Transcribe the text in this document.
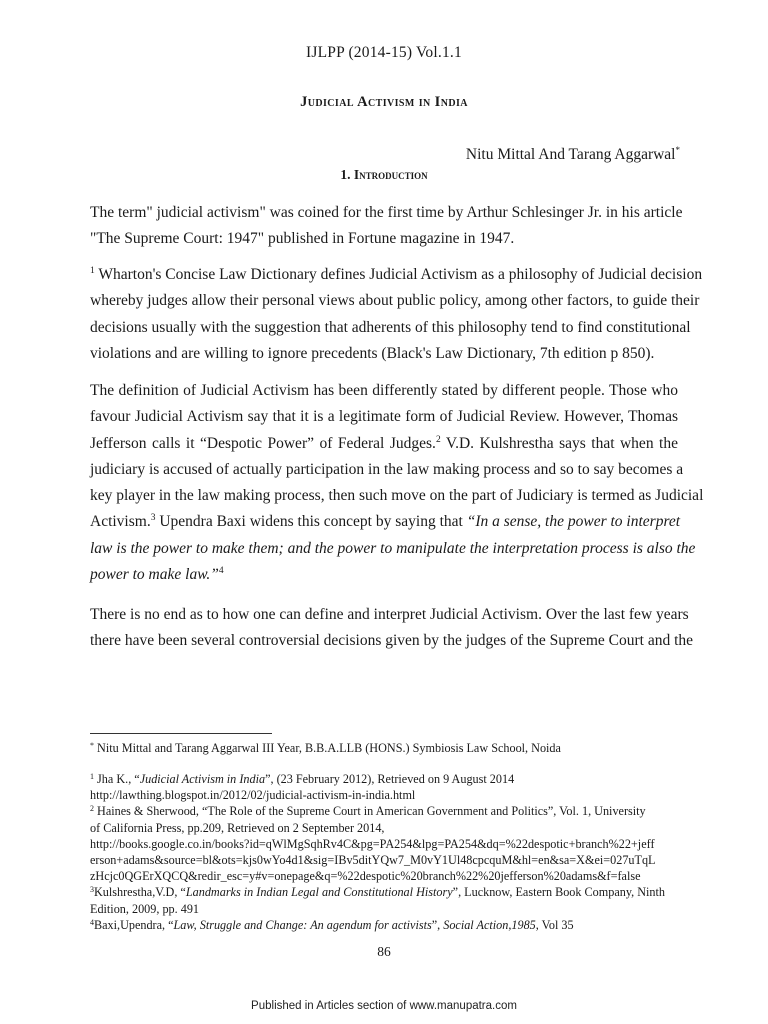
IJLPP (2014-15) Vol.1.1
Judicial Activism in India
Nitu Mittal And Tarang Aggarwal*
1. Introduction
The term" judicial activism" was coined for the first time by Arthur Schlesinger Jr. in his article
"The Supreme Court: 1947" published in Fortune magazine in 1947.
$^1$ Wharton's Concise Law Dictionary defines Judicial Activism as a philosophy of Judicial decision
whereby judges allow their personal views about public policy, among other factors, to guide their
decisions usually with the suggestion that adherents of this philosophy tend to find constitutional
violations and are willing to ignore precedents (Black's Law Dictionary, 7th edition p 850).
The definition of Judicial Activism has been differently stated by different people. Those who
favour Judicial Activism say that it is a legitimate form of Judicial Review. However, Thomas
Jefferson calls it “Despotic Power” of Federal Judges.$^2$ V.D. Kulshrestha says that when the
judiciary is accused of actually participation in the law making process and so to say becomes a
key player in the law making process, then such move on the part of Judiciary is termed as Judicial
Activism.$^3$ Upendra Baxi widens this concept by saying that “In a sense, the power to interpret
law is the power to make them; and the power to manipulate the interpretation process is also the
power to make law.”$^4$
There is no end as to how one can define and interpret Judicial Activism. Over the last few years
there have been several controversial decisions given by the judges of the Supreme Court and the
* Nitu Mittal and Tarang Aggarwal III Year, B.B.A.LLB (HONS.) Symbiosis Law School, Noida
$^1$ Jha K., “Judicial Activism in India”, (23 February 2012), Retrieved on 9 August 2014
http://lawthing.blogspot.in/2012/02/judicial-activism-in-india.html
$^2$ Haines & Sherwood, “The Role of the Supreme Court in American Government and Politics”, Vol. 1, University
of California Press, pp.209, Retrieved on 2 September 2014,
http://books.google.co.in/books?id=qWlMgSqhRv4C&pg=PA254&lpg=PA254&dq=%22despotic+branch%22+jeff
erson+adams&source=bl&ots=kjs0wYo4d1&sig=IBv5ditYQw7_M0vY1Ul48cpcquM&hl=en&sa=X&ei=027uTqL
zHcjc0QGErXQCQ&redir_esc=y#v=onepage&q=%22despotic%20branch%22%20jefferson%20adams&f=false
$^3$Kulshrestha,V.D, “Landmarks in Indian Legal and Constitutional History”, Lucknow, Eastern Book Company, Ninth
Edition, 2009, pp. 491
$^4$Baxi,Upendra, “Law, Struggle and Change: An agendum for activists”, Social Action,1985, Vol 35
86
Published in Articles section of www.manupatra.com
